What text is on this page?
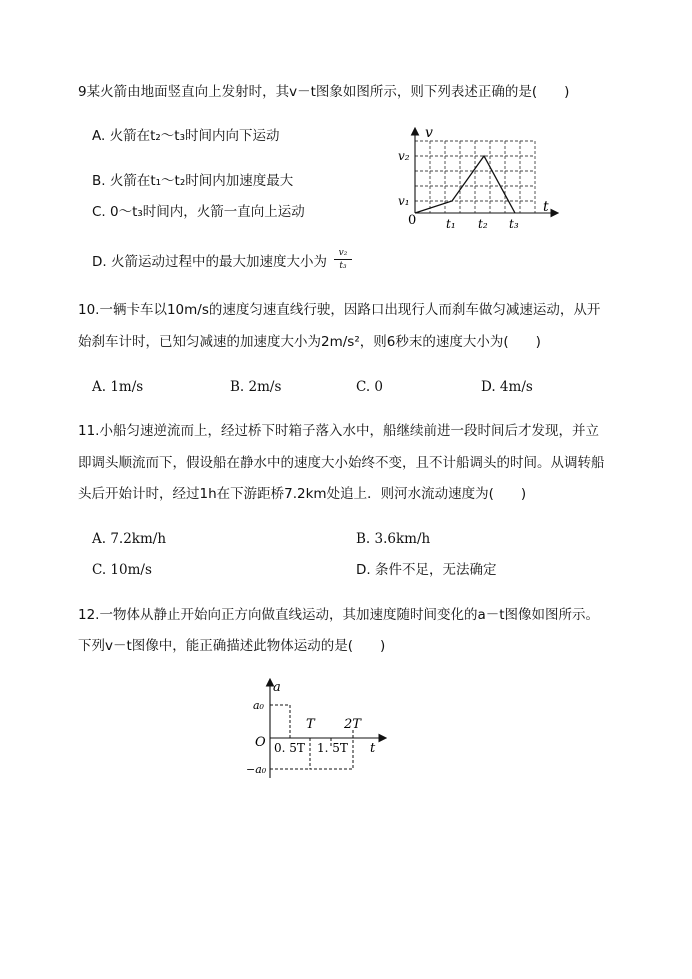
9某火箭由地面竖直向上发射时，其v－t图象如图所示，则下列表述正确的是(　　)
A. 火箭在t₂～t₃时间内向下运动
B. 火箭在t₁～t₂时间内加速度最大
C. 0～t₃时间内，火箭一直向上运动
D. 火箭运动过程中的最大加速度大小为
v₂
t₃
v
t
0
v₂
v₁
t₁ t₂ t₃
10.一辆卡车以10m/s的速度匀速直线行驶，因路口出现行人而刹车做匀减速运动，从开
始刹车计时，已知匀减速的加速度大小为2m/s²，则6秒末的速度大小为(　　)
A. 1m/s	B. 2m/s	C. 0	D. 4m/s
11.小船匀速逆流而上，经过桥下时箱子落入水中，船继续前进一段时间后才发现，并立
即调头顺流而下，假设船在静水中的速度大小始终不变，且不计船调头的时间。从调转船
头后开始计时，经过1h在下游距桥7.2km处追上．则河水流动速度为(　　)
A. 7.2km/h	B. 3.6km/h
C. 10m/s	D. 条件不足，无法确定
12.一物体从静止开始向正方向做直线运动，其加速度随时间变化的a－t图像如图所示。
下列v－t图像中，能正确描述此物体运动的是(　　)
a
t
O
a₀
−a₀
T 2T
0. 5T 1. 5T
